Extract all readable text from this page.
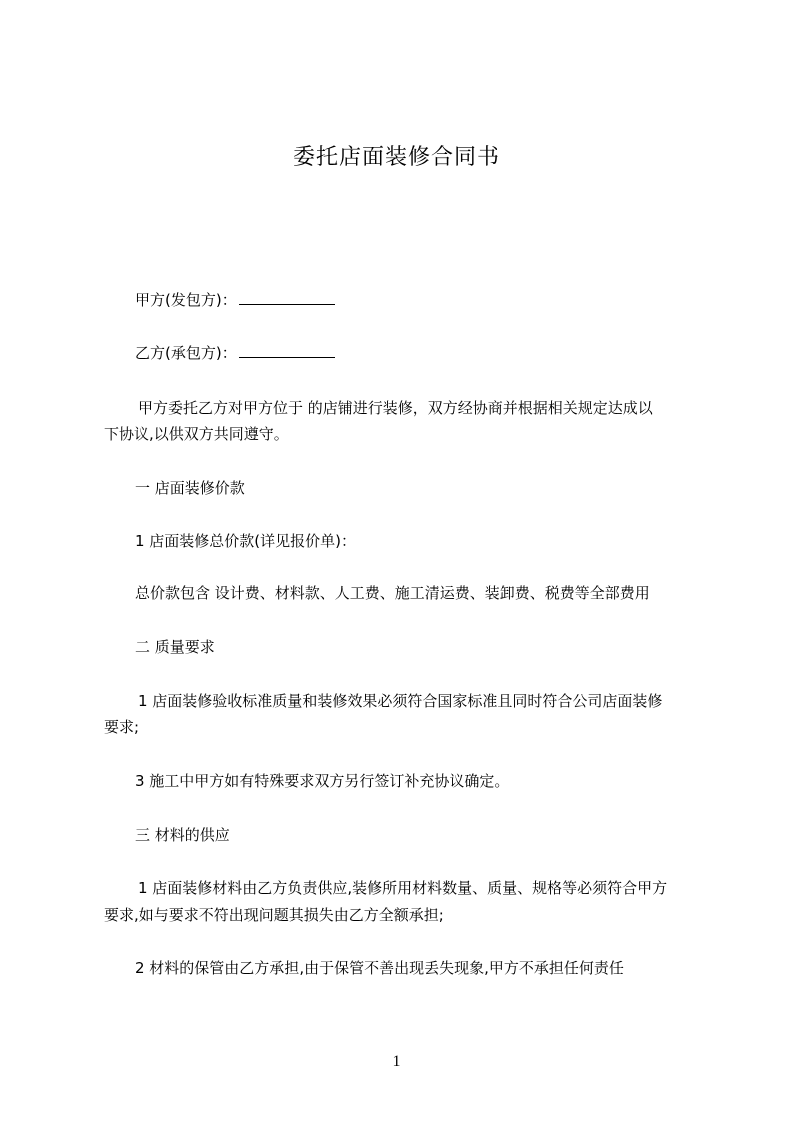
委托店面装修合同书
甲方(发包方)：
乙方(承包方)：
甲方委托乙方对甲方位于 的店铺进行装修，双方经协商并根据相关规定达成以
下协议,以供双方共同遵守。
一 店面装修价款
1 店面装修总价款(详见报价单)：
总价款包含 设计费、材料款、人工费、施工清运费、装卸费、税费等全部费用
二 质量要求
1 店面装修验收标准质量和装修效果必须符合国家标准且同时符合公司店面装修
要求;
3 施工中甲方如有特殊要求双方另行签订补充协议确定。
三 材料的供应
1 店面装修材料由乙方负责供应,装修所用材料数量、质量、规格等必须符合甲方
要求,如与要求不符出现问题其损失由乙方全额承担;
2 材料的保管由乙方承担,由于保管不善出现丢失现象,甲方不承担任何责任
1
